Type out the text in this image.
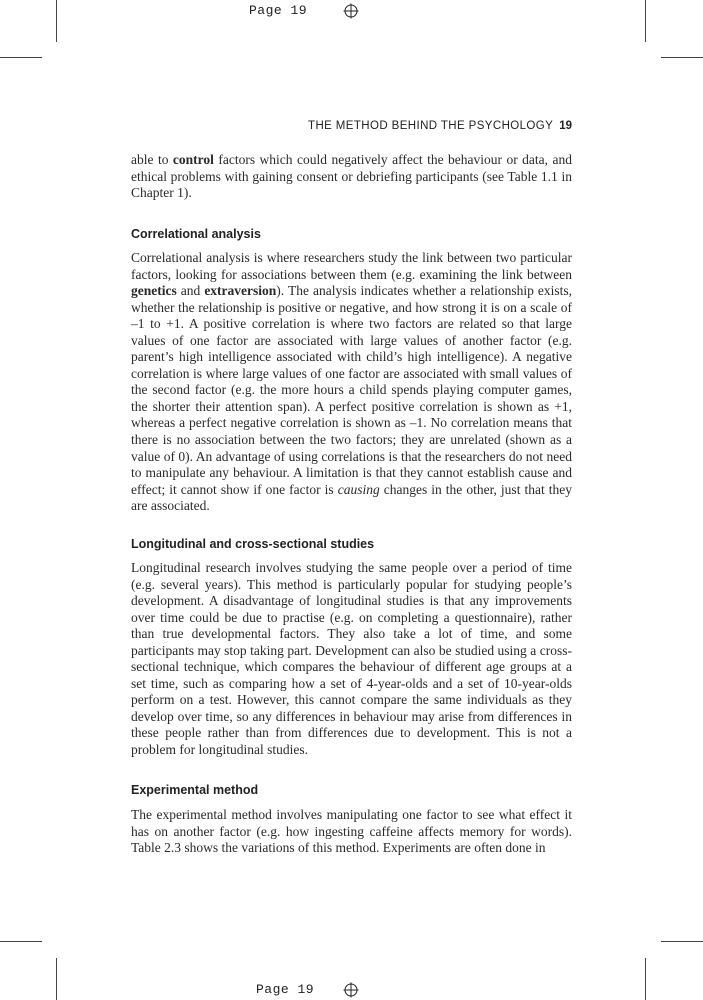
Page 19
THE METHOD BEHIND THE PSYCHOLOGY 19

able to control factors which could negatively affect the behaviour or data, and ethical problems with gaining consent or debriefing participants (see Table 1.1 in Chapter 1).

Correlational analysis

Correlational analysis is where researchers study the link between two particular factors, looking for associations between them (e.g. examining the link between genetics and extraversion). The analysis indicates whether a relationship exists, whether the relationship is positive or negative, and how strong it is on a scale of –1 to +1. A positive correlation is where two factors are related so that large values of one factor are associated with large values of another factor (e.g. parent’s high intelligence associated with child’s high intelligence). A negative correlation is where large values of one factor are associated with small values of the second factor (e.g. the more hours a child spends playing computer games, the shorter their attention span). A perfect positive correlation is shown as +1, whereas a perfect negative correlation is shown as –1. No correlation means that there is no association between the two factors; they are unrelated (shown as a value of 0). An advantage of using correlations is that the researchers do not need to manipulate any behaviour. A limitation is that they cannot establish cause and effect; it cannot show if one factor is causing changes in the other, just that they are associated.

Longitudinal and cross-sectional studies

Longitudinal research involves studying the same people over a period of time (e.g. several years). This method is particularly popular for studying people’s development. A disadvantage of longitudinal studies is that any improvements over time could be due to practise (e.g. on completing a questionnaire), rather than true developmental factors. They also take a lot of time, and some participants may stop taking part. Development can also be studied using a cross-sectional technique, which compares the behaviour of different age groups at a set time, such as comparing how a set of 4-year-olds and a set of 10-year-olds perform on a test. However, this cannot compare the same individuals as they develop over time, so any differences in behaviour may arise from differences in these people rather than from differences due to development. This is not a problem for longitudinal studies.

Experimental method

The experimental method involves manipulating one factor to see what effect it has on another factor (e.g. how ingesting caffeine affects memory for words). Table 2.3 shows the variations of this method. Experiments are often done in

Page 19
